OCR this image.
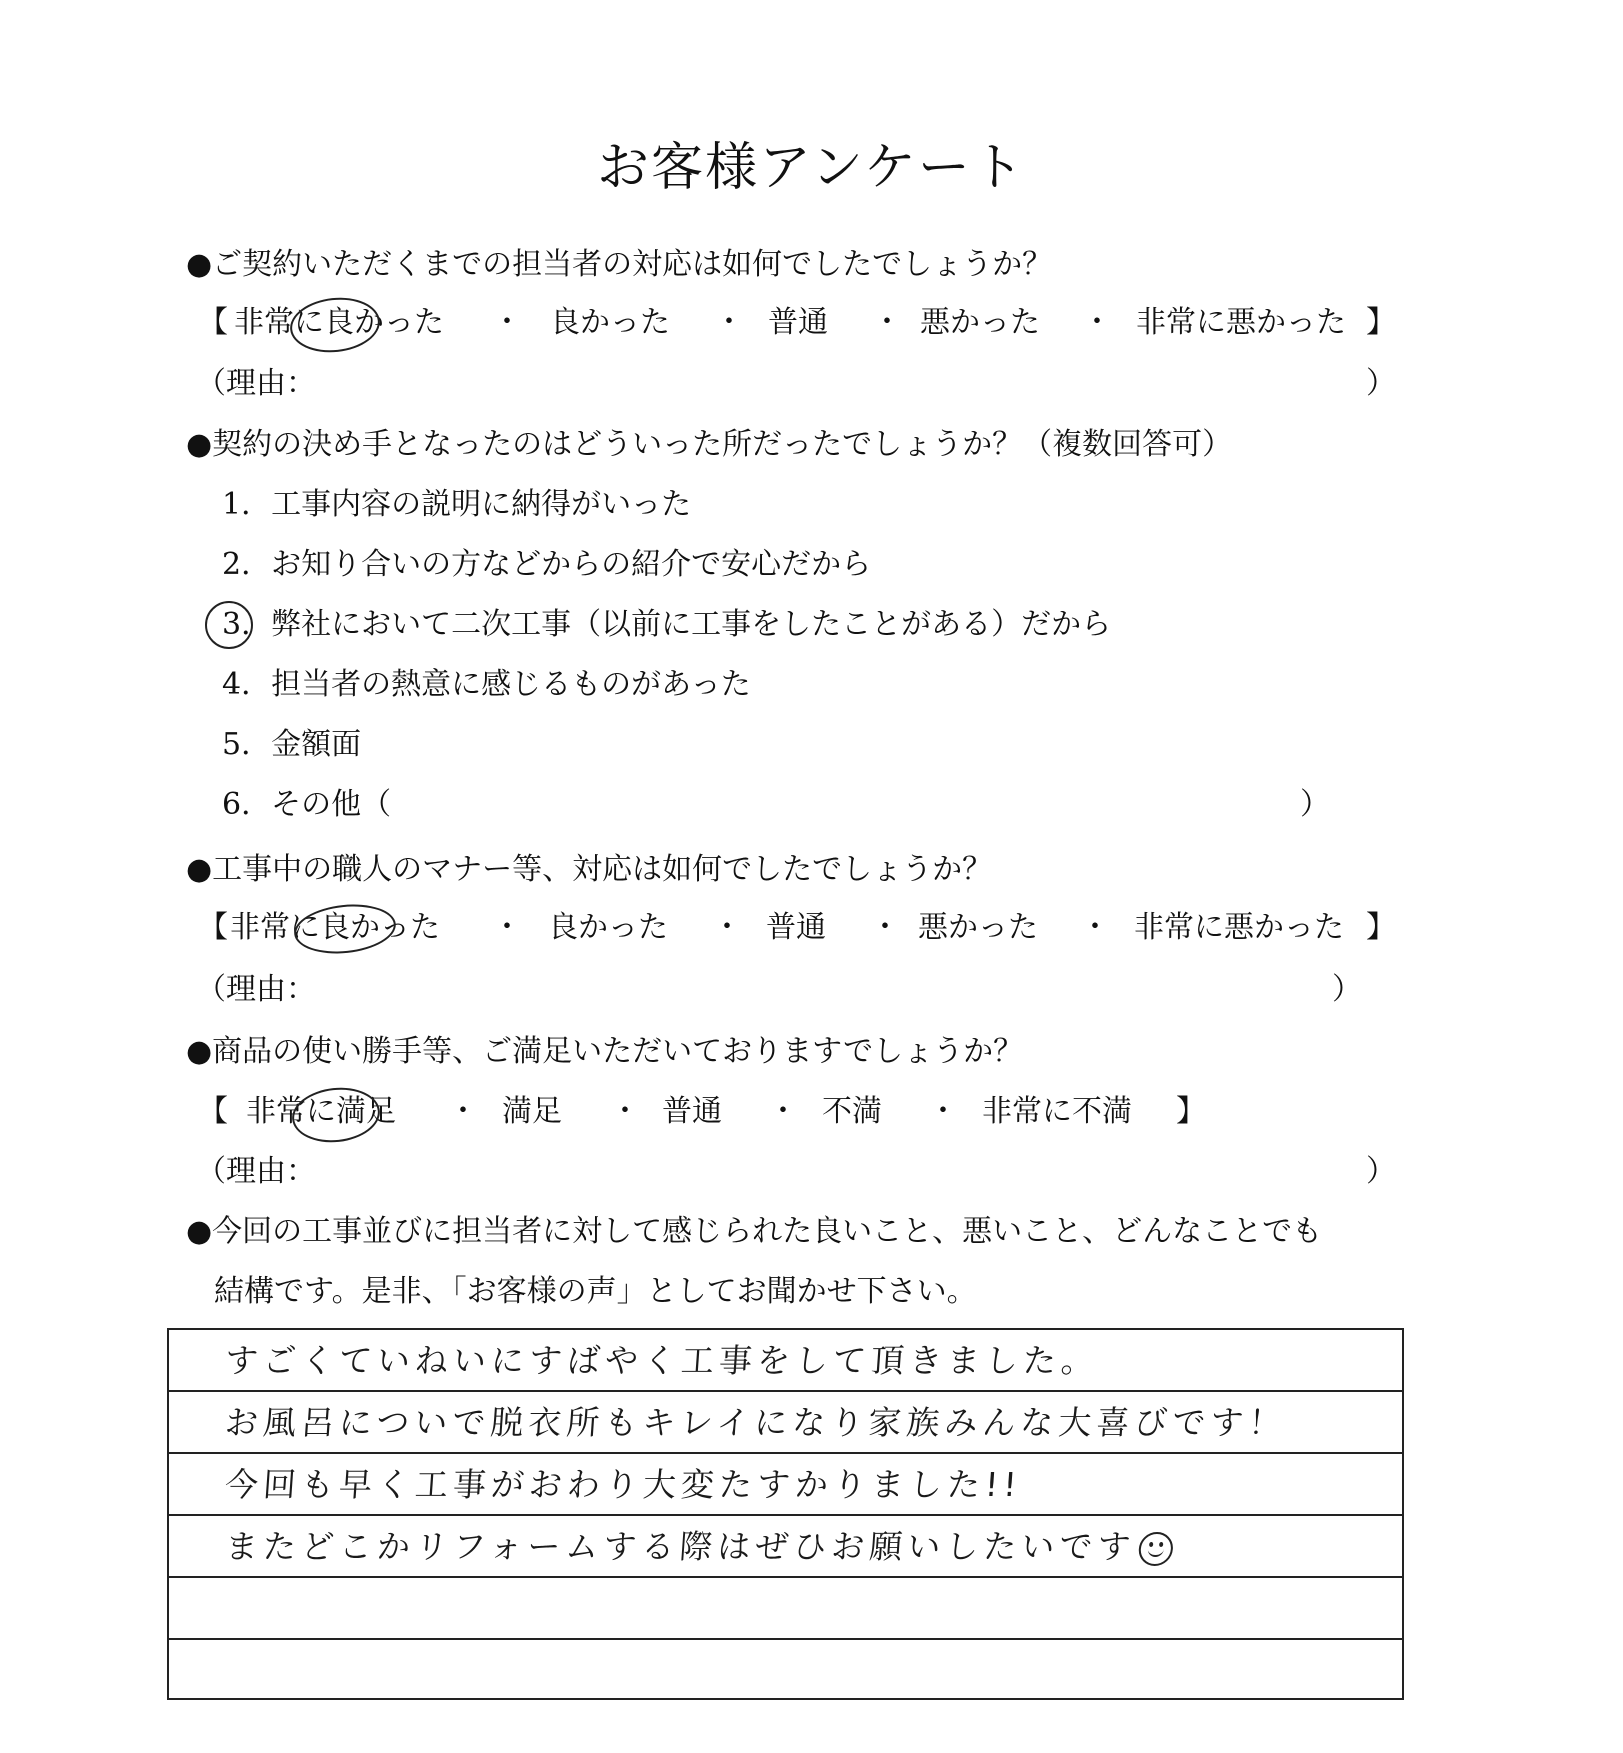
お客様アンケート
●ご契約いただくまでの担当者の対応は如何でしたでしょうか？
【 非常に良かった ・ 良かった ・ 普通 ・ 悪かった ・ 非常に悪かった 】
（理由：	）
●契約の決め手となったのはどういった所だったでしょうか？（複数回答可）
1．工事内容の説明に納得がいった
2．お知り合いの方などからの紹介で安心だから
3．弊社において二次工事（以前に工事をしたことがある）だから
4．担当者の熱意に感じるものがあった
5．金額面
6．その他（	）
●工事中の職人のマナー等、対応は如何でしたでしょうか？
【 非常に良かった ・ 良かった ・ 普通 ・ 悪かった ・ 非常に悪かった 】
（理由：	）
●商品の使い勝手等、ご満足いただいておりますでしょうか？
【 非常に満足 ・ 満足 ・ 普通 ・ 不満 ・ 非常に不満 】
（理由：	）
●今回の工事並びに担当者に対して感じられた良いこと、悪いこと、どんなことでも
結構です。是非、「お客様の声」としてお聞かせ下さい。
すごくていねいにすばやく工事をして頂きました。
お風呂についで脱衣所もキレイになり家族みんな大喜びです！
今回も早く工事がおわり大変たすかりました!!
またどこかリフォームする際はぜひお願いしたいです
